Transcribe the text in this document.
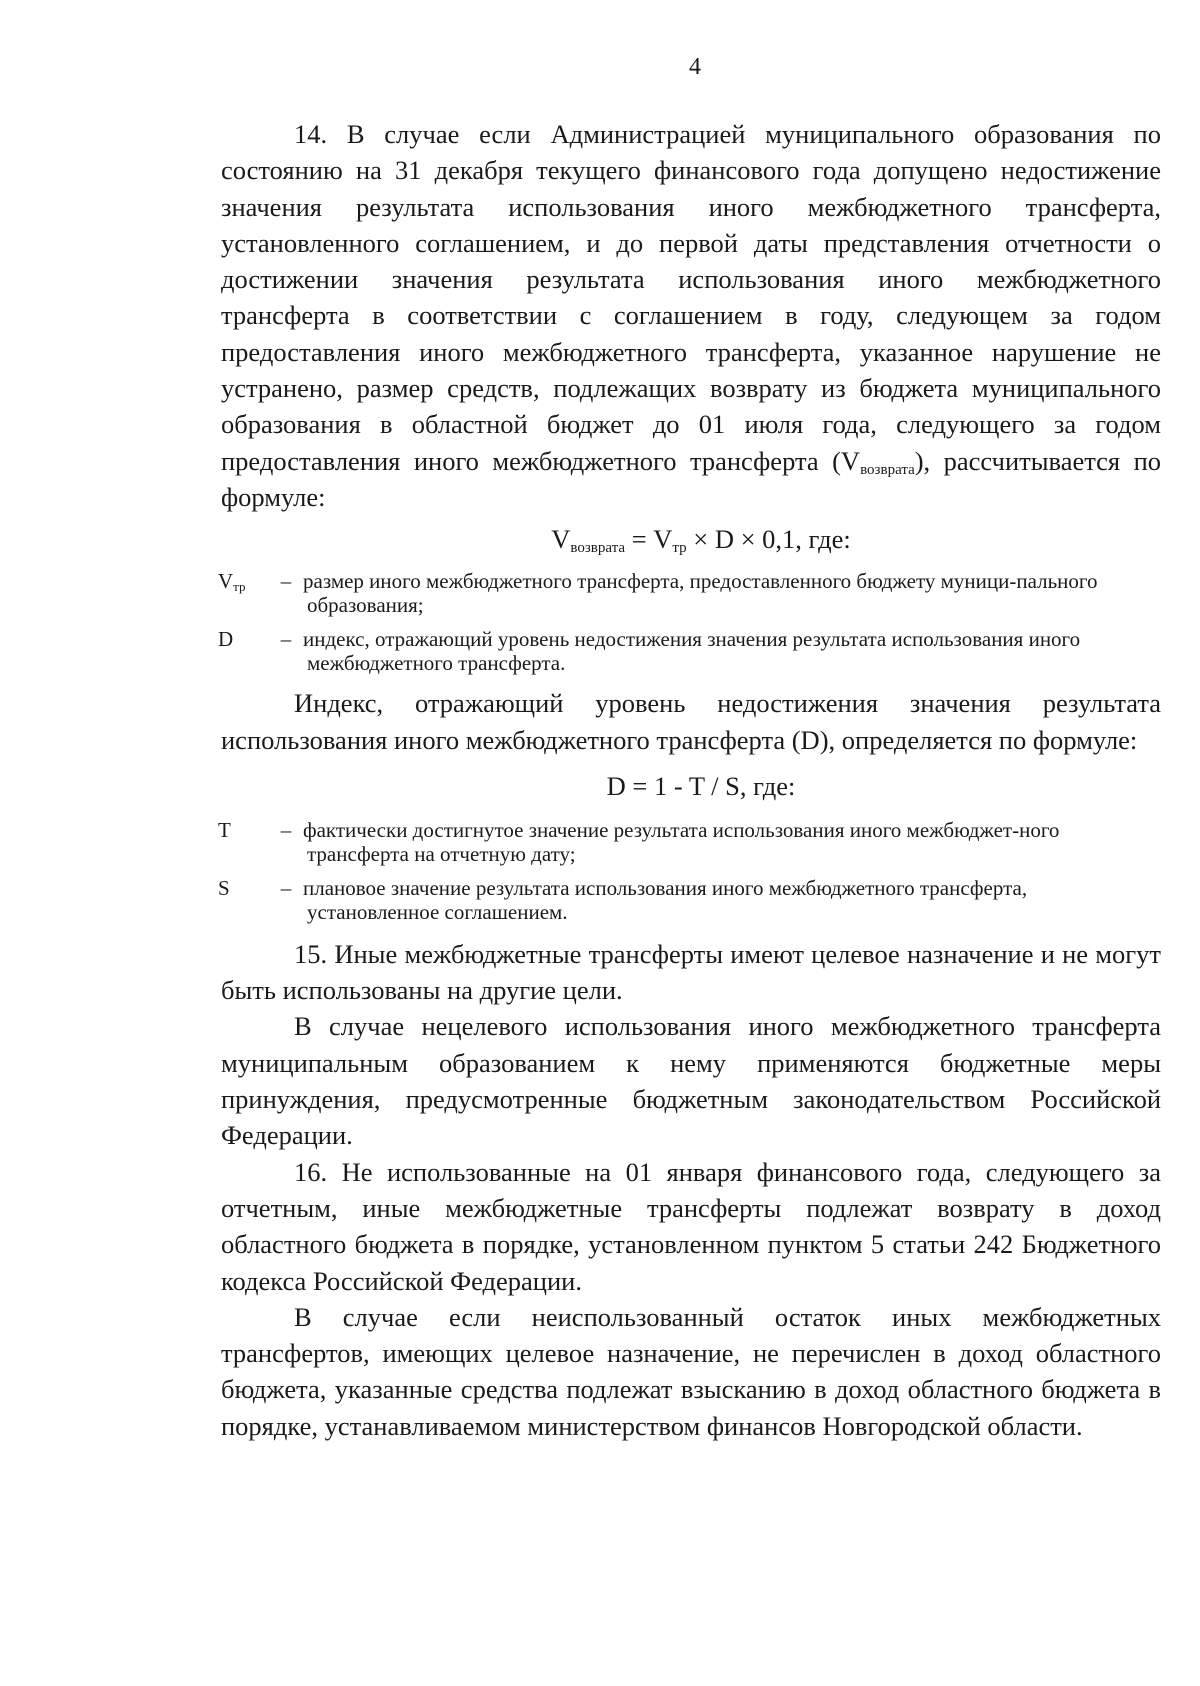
4

14. В случае если Администрацией муниципального образования по состоянию на 31 декабря текущего финансового года допущено недостижение значения результата использования иного межбюджетного трансферта, установленного соглашением, и до первой даты представления отчетности о достижении значения результата использования иного межбюджетного трансферта в соответствии с соглашением в году, следующем за годом предоставления иного межбюджетного трансферта, указанное нарушение не устранено, размер средств, подлежащих возврату из бюджета муниципального образования в областной бюджет до 01 июля года, следующего за годом предоставления иного межбюджетного трансферта $(V_{возврата})$, рассчитывается по формуле:

$V_{возврата} = V_{тр} \times D \times 0,1$, где:
$V_{тр}$	– размер иного межбюджетного трансферта, предоставленного бюджету муници-пального образования;
D	– индекс, отражающий уровень недостижения значения результата использования иного межбюджетного трансферта.

Индекс, отражающий уровень недостижения значения результата использования иного межбюджетного трансферта (D), определяется по формуле:

D = 1 - T / S, где:
T	– фактически достигнутое значение результата использования иного межбюджет-ного трансферта на отчетную дату;
S	– плановое значение результата использования иного межбюджетного трансферта, установленное соглашением.

15. Иные межбюджетные трансферты имеют целевое назначение и не могут быть использованы на другие цели.

В случае нецелевого использования иного межбюджетного трансферта муниципальным образованием к нему применяются бюджетные меры принуждения, предусмотренные бюджетным законодательством Российской Федерации.

16. Не использованные на 01 января финансового года, следующего за отчетным, иные межбюджетные трансферты подлежат возврату в доход областного бюджета в порядке, установленном пунктом 5 статьи 242 Бюджетного кодекса Российской Федерации.

В случае если неиспользованный остаток иных межбюджетных трансфертов, имеющих целевое назначение, не перечислен в доход областного бюджета, указанные средства подлежат взысканию в доход областного бюджета в порядке, устанавливаемом министерством финансов Новгородской области.
